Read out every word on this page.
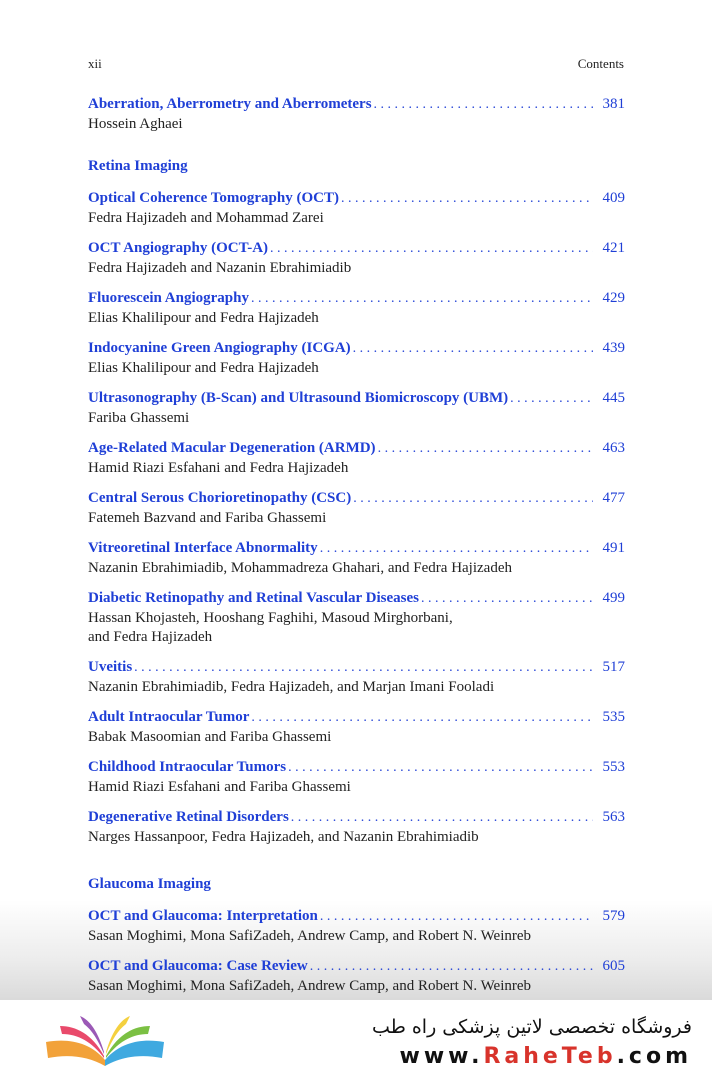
xii	Contents
Aberration, Aberrometry and Aberrometers . . .	381
Hossein Aghaei
Retina Imaging
Optical Coherence Tomography (OCT) . . .	409
Fedra Hajizadeh and Mohammad Zarei
OCT Angiography (OCT-A) . . .	421
Fedra Hajizadeh and Nazanin Ebrahimiadib
Fluorescein Angiography . . .	429
Elias Khalilipour and Fedra Hajizadeh
Indocyanine Green Angiography (ICGA) . . .	439
Elias Khalilipour and Fedra Hajizadeh
Ultrasonography (B-Scan) and Ultrasound Biomicroscopy (UBM) . . .	445
Fariba Ghassemi
Age-Related Macular Degeneration (ARMD) . . .	463
Hamid Riazi Esfahani and Fedra Hajizadeh
Central Serous Chorioretinopathy (CSC) . . .	477
Fatemeh Bazvand and Fariba Ghassemi
Vitreoretinal Interface Abnormality . . .	491
Nazanin Ebrahimiadib, Mohammadreza Ghahari, and Fedra Hajizadeh
Diabetic Retinopathy and Retinal Vascular Diseases . . .	499
Hassan Khojasteh, Hooshang Faghihi, Masoud Mirghorbani,
and Fedra Hajizadeh
Uveitis . . .	517
Nazanin Ebrahimiadib, Fedra Hajizadeh, and Marjan Imani Fooladi
Adult Intraocular Tumor . . .	535
Babak Masoomian and Fariba Ghassemi
Childhood Intraocular Tumors . . .	553
Hamid Riazi Esfahani and Fariba Ghassemi
Degenerative Retinal Disorders . . .	563
Narges Hassanpoor, Fedra Hajizadeh, and Nazanin Ebrahimiadib
Glaucoma Imaging
OCT and Glaucoma: Interpretation . . .	579
Sasan Moghimi, Mona SafiZadeh, Andrew Camp, and Robert N. Weinreb
OCT and Glaucoma: Case Review . . .	605
Sasan Moghimi, Mona SafiZadeh, Andrew Camp, and Robert N. Weinreb
فروشگاه تخصصی لاتین پزشکی راه طب
www.RaheTeb.com
